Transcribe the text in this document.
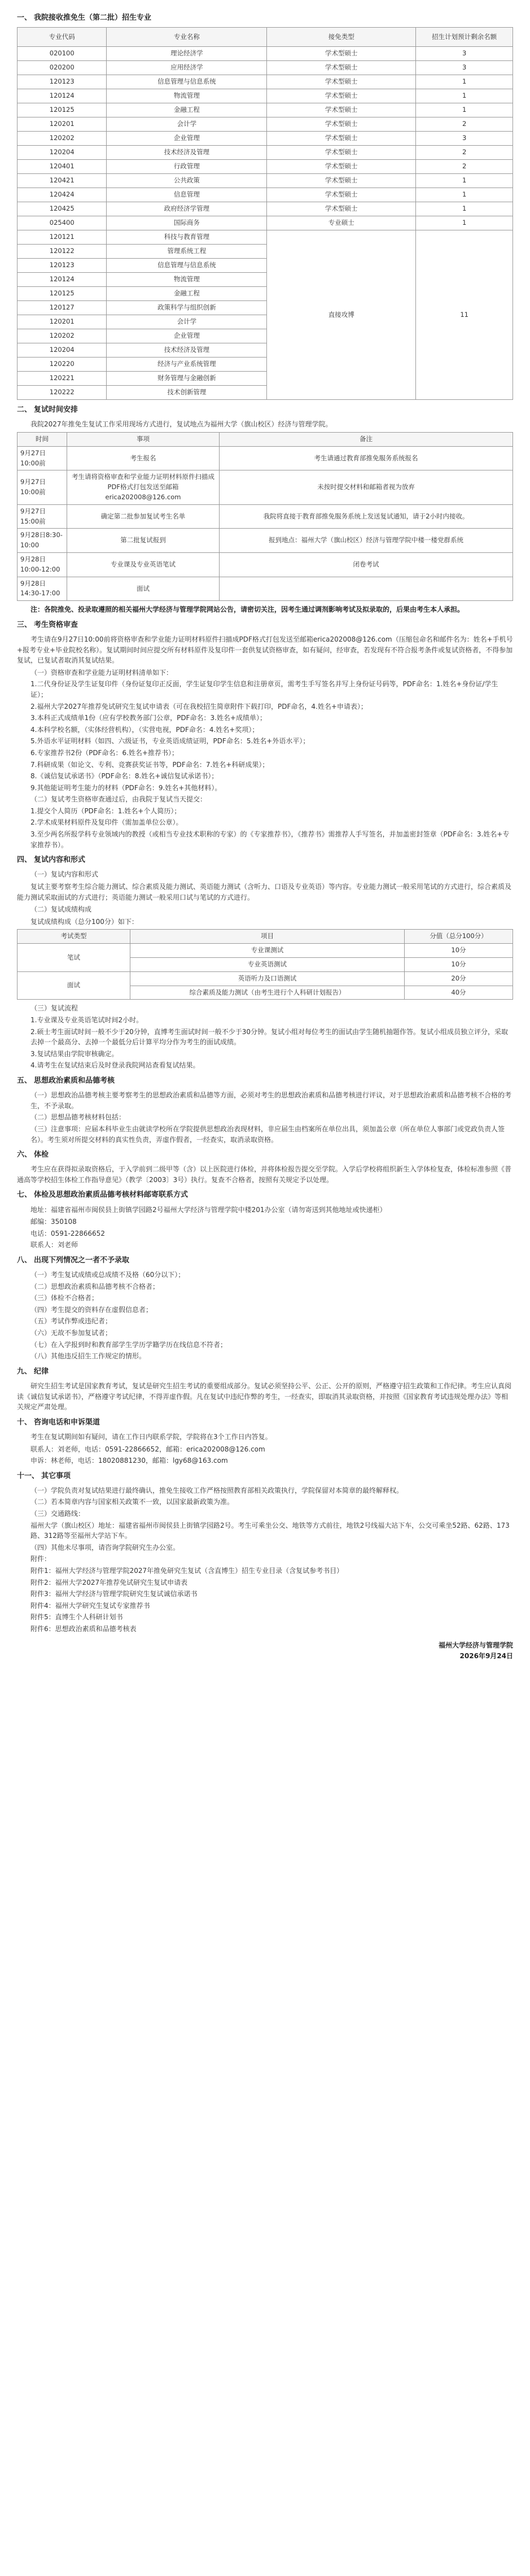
一、 我院接收推免生（第二批）招生专业
专业代码	专业名称	接免类型	招生计划预计剩余名额
020100	理论经济学	学术型硕士	3
020200	应用经济学	学术型硕士	3
120123	信息管理与信息系统	学术型硕士	1
120124	物流管理	学术型硕士	1
120125	金融工程	学术型硕士	1
120201	会计学	学术型硕士	2
120202	企业管理	学术型硕士	3
120204	技术经济及管理	学术型硕士	2
120401	行政管理	学术型硕士	2
120421	公共政策	学术型硕士	1
120424	信息管理	学术型硕士	1
120425	政府经济学管理	学术型硕士	1
025400	国际商务	专业硕士	1
120121	科技与教育管理	直接攻博	11
120122	管理系统工程		
120123	信息管理与信息系统		
120124	物流管理		
120125	金融工程		
120127	政策科学与组织创新		
120201	会计学		
120202	企业管理		
120204	技术经济及管理		
120220	经济与产业系统管理		
120221	财务管理与金融创新		
120222	技术创新管理		
二、 复试时间安排

我院2027年推免生复试工作采用现场方式进行，复试地点为福州大学（旗山校区）经济与管理学院。

时间	事项	备注
9月27日10:00前	考生报名	考生请通过教育部推免服务系统报名
9月27日10:00前	考生请将资格审查和学业能力证明材料原件扫描成PDF格式打包发送至邮箱erica202008@126.com	未按时提交材料和邮箱者视为放弃
9月27日15:00前	确定第二批参加复试考生名单	我院将直接于教育部推免服务系统上发送复试通知，请于2小时内接收。
9月28日8:30-10:00	第二批复试报到	报到地点：福州大学（旗山校区）经济与管理学院中楼一楼党群系统
9月28日10:00-12:00	专业课及专业英语笔试	闭卷考试
9月28日14:30-17:00	面试	

注：各院推免、投录取遵照的相关福州大学经济与管理学院网站公告，请密切关注，因考生通过调剂影响考试及拟录取的，后果由考生本人承担。

三、 考生资格审查

考生请在9月27日10:00前将资格审查和学业能力证明材料原件扫描成PDF格式打包发送至邮箱erica202008@126.com（压缩包命名和邮件名为：姓名+手机号+报考专业+毕业院校名称）。复试期间时间应提交所有材料原件及复印件一套供复试资格审查，如有疑问，经审查，若发现有不符合报考条件或复试资格者，不得参加复试，已复试者取消其复试结果。

（一）资格审查和学业能力证明材料清单如下：

1.二代身份证及学生证复印件（身份证复印正反面，学生证复印学生信息和注册章页，需考生手写签名并写上身份证号码等，PDF命名：1.姓名+身份证/学生证）；

2.福州大学2027年推荐免试研究生复试申请表（可在我校招生简章附件下载打印，PDF命名，4.姓名+申请表）；

3.本科正式成绩单1份（应有学校教务部门公章，PDF命名：3.姓名+成绩单）；

4.本科学校名额，（实体经营机构），（实营电视，PDF命名：4.姓名+奖项）；

5.外语水平证明材料（如四、六级证书，专业英语成绩证明，PDF命名：5.姓名+外语水平）；

6.专家推荐书2份（PDF命名：6.姓名+推荐书）；

7.科研成果（如论文、专利、竞赛获奖证书等，PDF命名：7.姓名+科研成果）；

8.《诚信复试承诺书》（PDF命名：8.姓名+诚信复试承诺书）；

9.其他能证明考生能力的材料（PDF命名：9.姓名+其他材料）。

（二）复试考生资格审查通过后，由我院于复试当天提交：

1.提交个人简历（PDF命名：1.姓名+个人简历）；

2.学术成果材料原件及复印件（需加盖单位公章）。

3.至少两名所报学科专业领域内的教授（或相当专业技术职称的专家）的《专家推荐书》，《推荐书》需推荐人手写签名，并加盖密封签章（PDF命名：3.姓名+专家推荐书）。

四、 复试内容和形式

（一）复试内容和形式

复试主要考察考生综合能力测试、综合素质及能力测试、英语能力测试（含听力、口语及专业英语）等内容。专业能力测试一般采用笔试的方式进行，综合素质及能力测试采取面试的方式进行；英语能力测试一般采用口试与笔试的方式进行。

（二）复试成绩构成

复试成绩构成（总分100分）如下：

考试类型	项目	分值（总分100分）
笔试	专业课测试	10分
	专业英语测试	10分
面试	英语听力及口语测试	20分
	综合素质及能力测试（由考生进行个人科研计划报告）	40分

（三）复试流程

1.专业课及专业英语笔试时间2小时。

2.硕士考生面试时间一般不少于20分钟，直博考生面试时间一般不少于30分钟。复试小组对每位考生的面试由学生随机抽题作答。复试小组成员独立评分，采取去掉一个最高分、去掉一个最低分后计算平均分作为考生的面试成绩。

3.复试结果由学院审核确定。

4.请考生在复试结束后及时登录我院网站查看复试结果。

五、 思想政治素质和品德考核

（一）思想政治品德考核主要考察考生的思想政治素质和品德等方面，必须对考生的思想政治素质和品德考核进行评议，对于思想政治素质和品德考核不合格的考生，不予录取。

（二）思想品德考核材料包括：

（三）注意事项：应届本科毕业生由就读学校所在学院提供思想政治表现材料，非应届生由档案所在单位出具，须加盖公章（所在单位人事部门或党政负责人签名）。考生须对所提交材料的真实性负责，弄虚作假者，一经查实，取消录取资格。

六、 体检

考生应在获得拟录取资格后，于入学前到二级甲等（含）以上医院进行体检，并将体检报告提交至学院。入学后学校将组织新生入学体检复查，体检标准参照《普通高等学校招生体检工作指导意见》（教学〔2003〕3号）执行。复查不合格者，按照有关规定予以处理。

七、 体检及思想政治素质品德考核材料邮寄联系方式

地址：福建省福州市闽侯县上街镇学园路2号福州大学经济与管理学院中楼201办公室（请勿寄送到其他地址或快递柜）

邮编：350108

电话：0591-22866652

联系人：刘老师

八、 出现下列情况之一者不予录取

（一）考生复试成绩或总成绩不及格（60分以下）；

（二）思想政治素质和品德考核不合格者；

（三）体检不合格者；

（四）考生提交的资料存在虚假信息者；

（五）考试作弊或违纪者；

（六）无故不参加复试者；

（七）在入学报到时和教育部学生学历学籍学历在线信息不符者；

（八）其他违反招生工作规定的情形。

九、 纪律

研究生招生考试是国家教育考试，复试是研究生招生考试的重要组成部分。复试必须坚持公平、公正、公开的原则，严格遵守招生政策和工作纪律。考生应认真阅读《诚信复试承诺书》，严格遵守考试纪律，不得弄虚作假。凡在复试中违纪作弊的考生，一经查实，即取消其录取资格，并按照《国家教育考试违规处理办法》等相关规定严肃处理。

十、 咨询电话和申诉渠道

考生在复试期间如有疑问，请在工作日内联系学院，学院将在3个工作日内答复。

联系人：刘老师，电话：0591-22866652，邮箱：erica202008@126.com

申诉：林老师，电话：18020881230，邮箱：lgy68@163.com

十一、 其它事项

（一）学院负责对复试结果进行最终确认，推免生接收工作严格按照教育部相关政策执行，学院保留对本简章的最终解释权。

（二）若本简章内容与国家相关政策不一致，以国家最新政策为准。

（三）交通路线：

福州大学（旗山校区）地址：福建省福州市闽侯县上街镇学园路2号。考生可乘坐公交、地铁等方式前往，地铁2号线福大站下车，公交可乘坐52路、62路、173路、312路等至福州大学站下车。

（四）其他未尽事项，请咨询学院研究生办公室。

附件：

附件1：福州大学经济与管理学院2027年推免研究生复试（含直博生）招生专业目录（含复试参考书目）

附件2：福州大学2027年推荐免试研究生复试申请表

附件3：福州大学经济与管理学院研究生复试诚信承诺书

附件4：福州大学研究生复试专家推荐书

附件5：直博生个人科研计划书

附件6：思想政治素质和品德考核表

福州大学经济与管理学院
2026年9月24日
